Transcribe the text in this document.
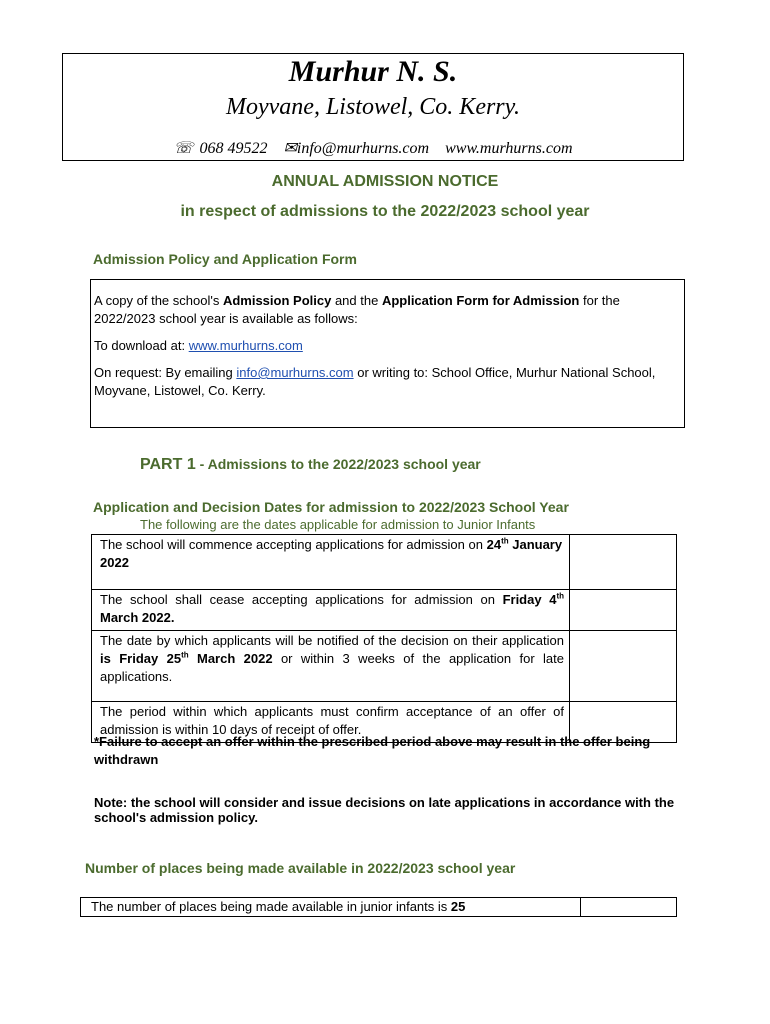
Murhur N. S.
Moyvane, Listowel, Co. Kerry.
☏ 068 49522 ✉info@murhurns.com www.murhurns.com
ANNUAL ADMISSION NOTICE
in respect of admissions to the 2022/2023 school year
Admission Policy and Application Form

A copy of the school's Admission Policy and the Application Form for Admission for the 2022/2023 school year is available as follows:

To download at: www.murhurns.com

On request: By emailing info@murhurns.com or writing to: School Office, Murhur National School, Moyvane, Listowel, Co. Kerry.

PART 1 - Admissions to the 2022/2023 school year
Application and Decision Dates for admission to 2022/2023 School Year
The following are the dates applicable for admission to Junior Infants
The school will commence accepting applications for admission on 24th January 2022	
The school shall cease accepting applications for admission on Friday 4th March 2022.	
The date by which applicants will be notified of the decision on their application is Friday 25th March 2022 or within 3 weeks of the application for late applications.	
The period within which applicants must confirm acceptance of an offer of admission is within 10 days of receipt of offer.	
*Failure to accept an offer within the prescribed period above may result in the offer being withdrawn
Note: the school will consider and issue decisions on late applications in accordance with the school's admission policy.
Number of places being made available in 2022/2023 school year
The number of places being made available in junior infants is 25	
